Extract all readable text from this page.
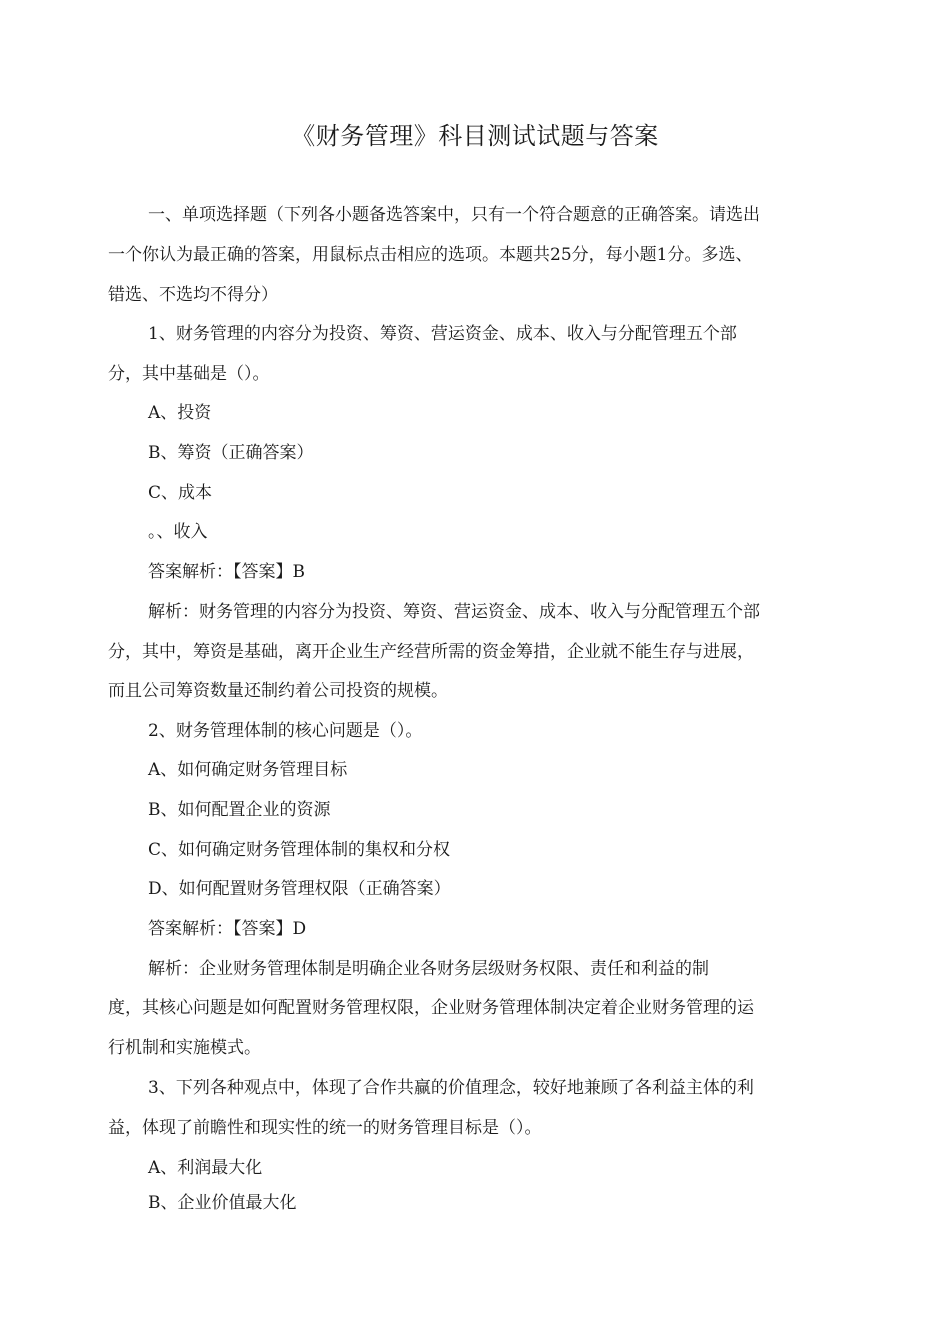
《财务管理》科目测试试题与答案
一、单项选择题（下列各小题备选答案中，只有一个符合题意的正确答案。请选出
一个你认为最正确的答案，用鼠标点击相应的选项。本题共25分，每小题1分。多选、
错选、不选均不得分）
1、财务管理的内容分为投资、筹资、营运资金、成本、收入与分配管理五个部
分，其中基础是（）。
A、投资
B、筹资（正确答案）
C、成本
。、收入
答案解析：【答案】B
解析：财务管理的内容分为投资、筹资、营运资金、成本、收入与分配管理五个部
分，其中，筹资是基础，离开企业生产经营所需的资金筹措，企业就不能生存与进展，
而且公司筹资数量还制约着公司投资的规模。
2、财务管理体制的核心问题是（）。
A、如何确定财务管理目标
B、如何配置企业的资源
C、如何确定财务管理体制的集权和分权
D、如何配置财务管理权限（正确答案）
答案解析：【答案】D
解析：企业财务管理体制是明确企业各财务层级财务权限、责任和利益的制
度，其核心问题是如何配置财务管理权限，企业财务管理体制决定着企业财务管理的运
行机制和实施模式。
3、下列各种观点中，体现了合作共赢的价值理念，较好地兼顾了各利益主体的利
益，体现了前瞻性和现实性的统一的财务管理目标是（）。
A、利润最大化
B、企业价值最大化
